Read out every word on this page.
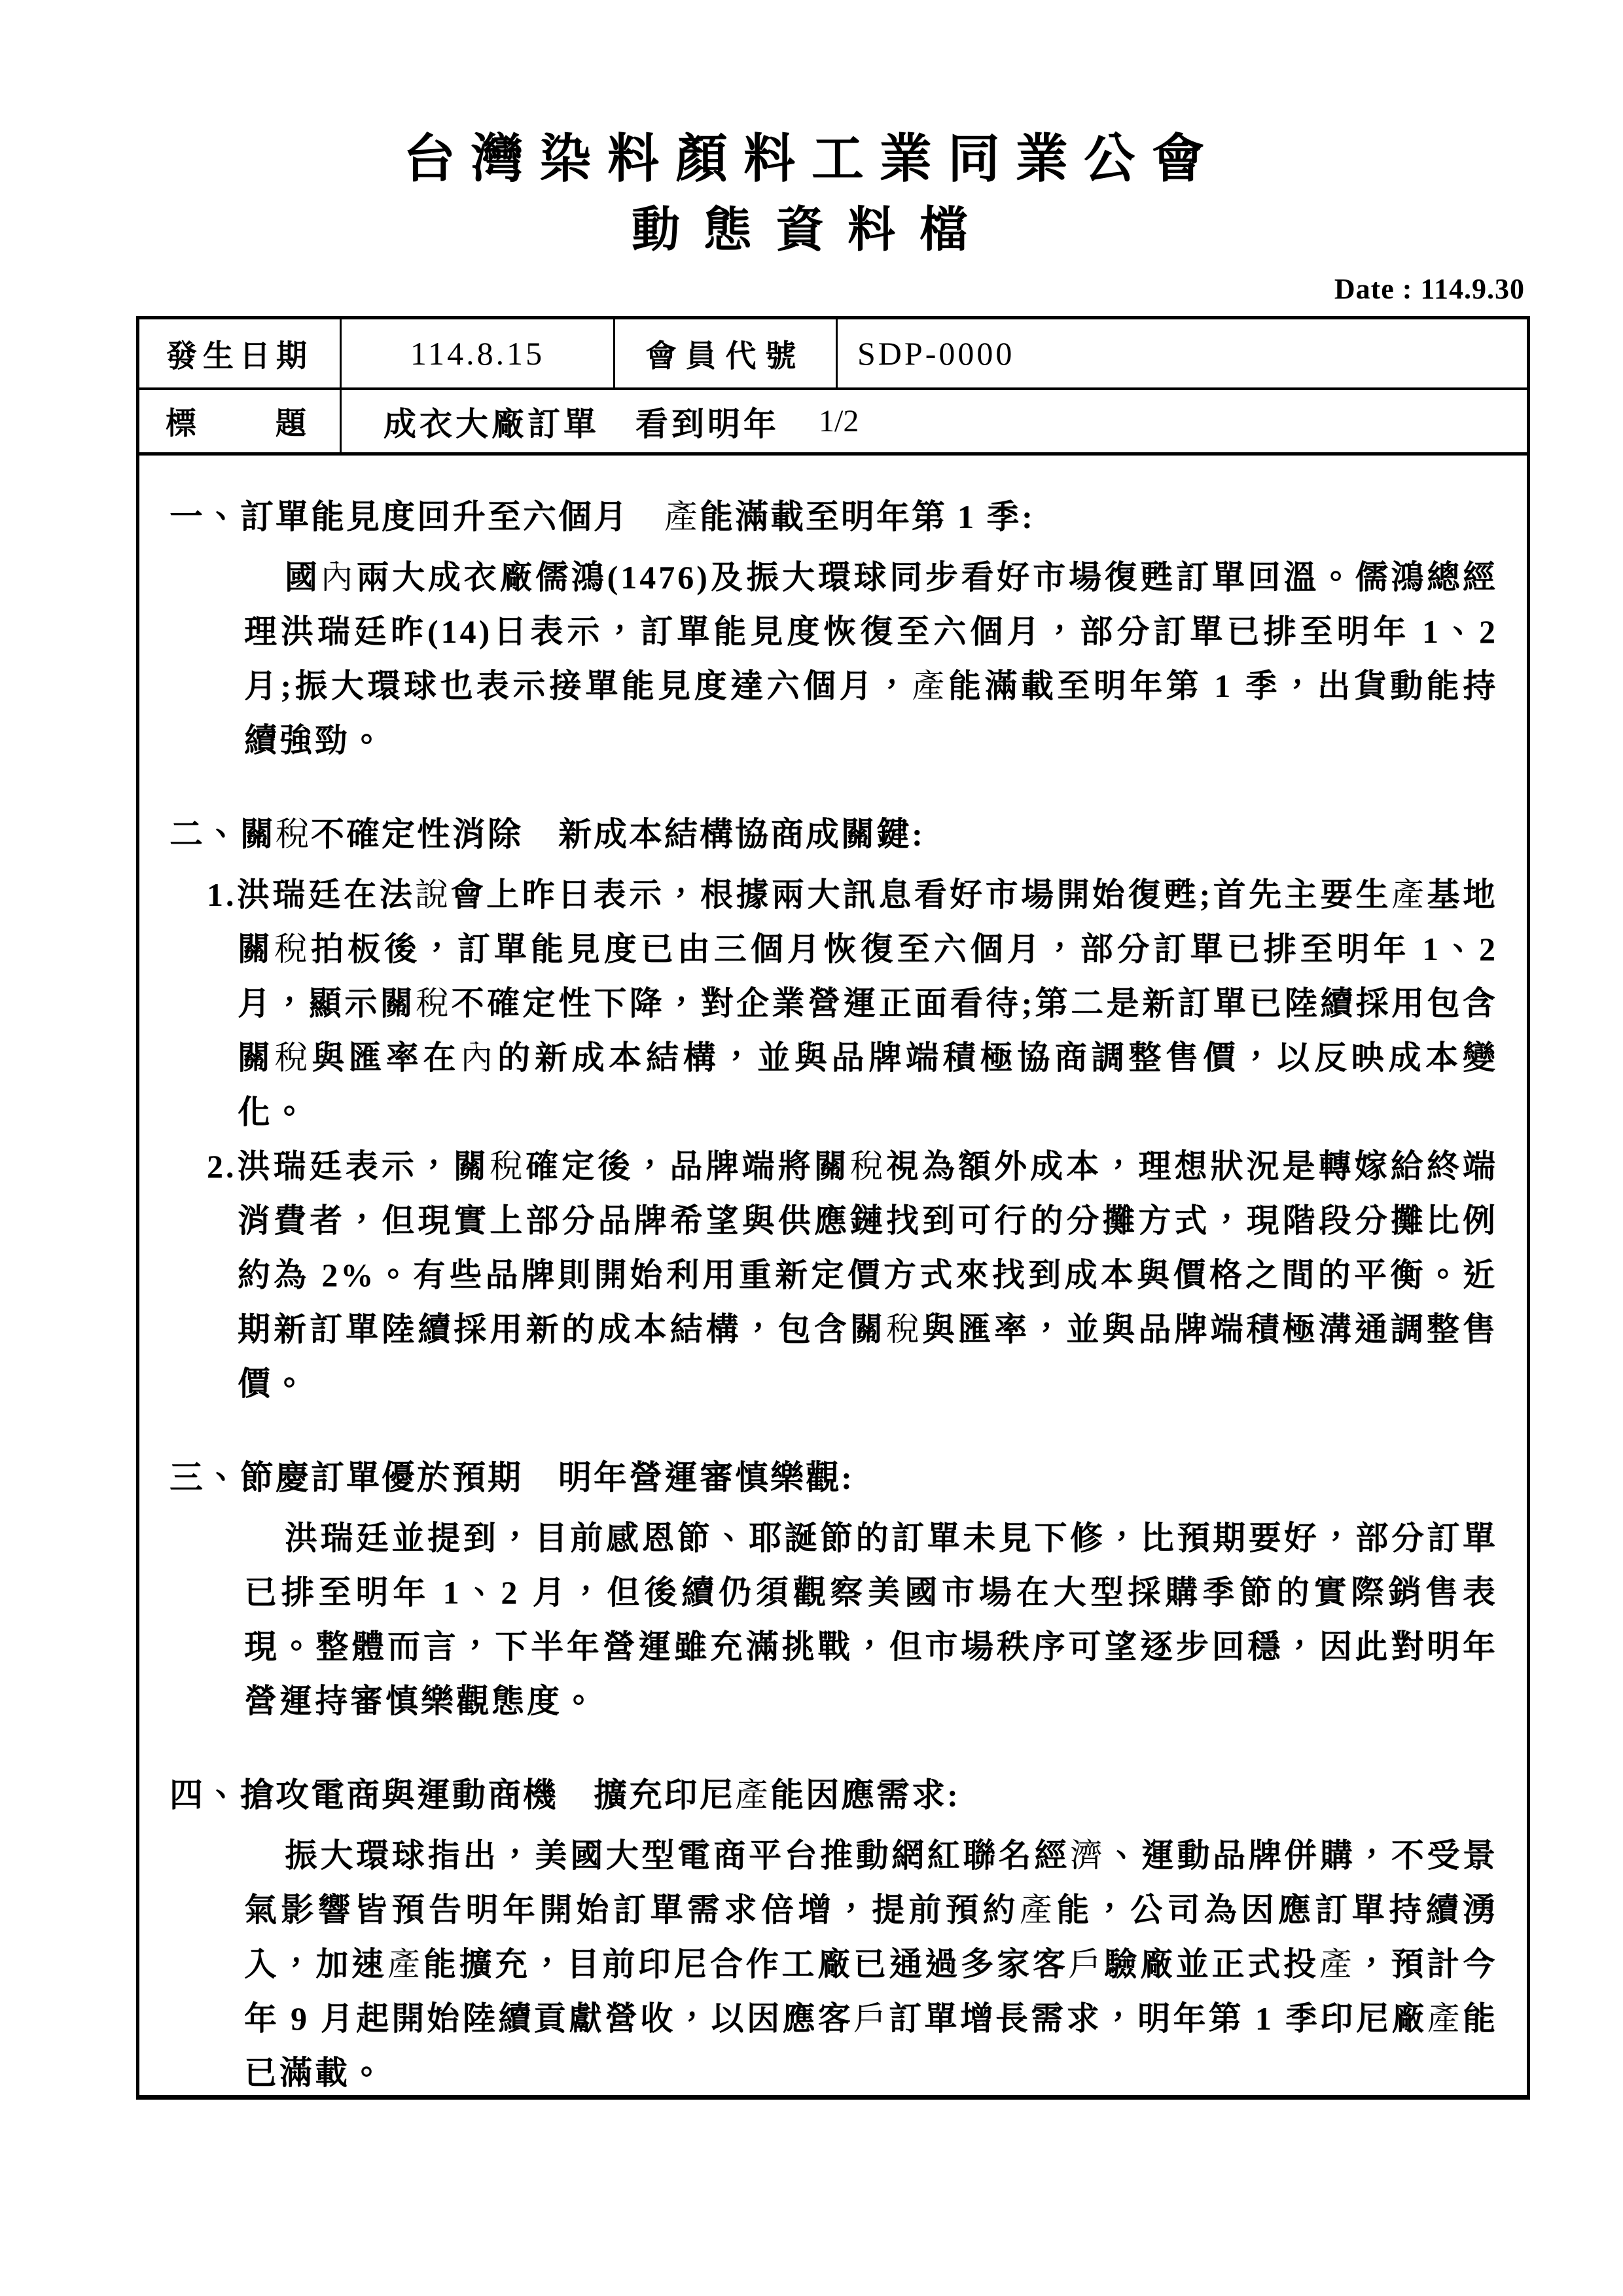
台灣染料顏料工業同業公會
動態資料檔
Date : 114.9.30
發生日期	114.8.15	會員代號	SDP-0000
標　　題	成衣大廠訂單　看到明年 1/2
一、訂單能見度回升至六個月　產能滿載至明年第 1 季:

國內兩大成衣廠儒鴻(1476)及振大環球同步看好市場復甦訂單回溫。儒鴻總經理洪瑞廷昨(14)日表示，訂單能見度恢復至六個月，部分訂單已排至明年 1、2 月;振大環球也表示接單能見度達六個月，產能滿載至明年第 1 季，出貨動能持續強勁。

二、關稅不確定性消除　新成本結構協商成關鍵:

1.洪瑞廷在法說會上昨日表示，根據兩大訊息看好市場開始復甦;首先主要生產基地關稅拍板後，訂單能見度已由三個月恢復至六個月，部分訂單已排至明年 1、2 月，顯示關稅不確定性下降，對企業營運正面看待;第二是新訂單已陸續採用包含關稅與匯率在內的新成本結構，並與品牌端積極協商調整售價，以反映成本變化。

2.洪瑞廷表示，關稅確定後，品牌端將關稅視為額外成本，理想狀況是轉嫁給終端消費者，但現實上部分品牌希望與供應鏈找到可行的分攤方式，現階段分攤比例約為 2%。有些品牌則開始利用重新定價方式來找到成本與價格之間的平衡。近期新訂單陸續採用新的成本結構，包含關稅與匯率，並與品牌端積極溝通調整售價。

三、節慶訂單優於預期　明年營運審慎樂觀:

洪瑞廷並提到，目前感恩節、耶誕節的訂單未見下修，比預期要好，部分訂單已排至明年 1、2 月，但後續仍須觀察美國市場在大型採購季節的實際銷售表現。整體而言，下半年營運雖充滿挑戰，但市場秩序可望逐步回穩，因此對明年營運持審慎樂觀態度。

四、搶攻電商與運動商機　擴充印尼產能因應需求:

振大環球指出，美國大型電商平台推動網紅聯名經濟、運動品牌併購，不受景氣影響皆預告明年開始訂單需求倍增，提前預約產能，公司為因應訂單持續湧入，加速產能擴充，目前印尼合作工廠已通過多家客戶驗廠並正式投產，預計今年 9 月起開始陸續貢獻營收，以因應客戶訂單增長需求，明年第 1 季印尼廠產能已滿載。
